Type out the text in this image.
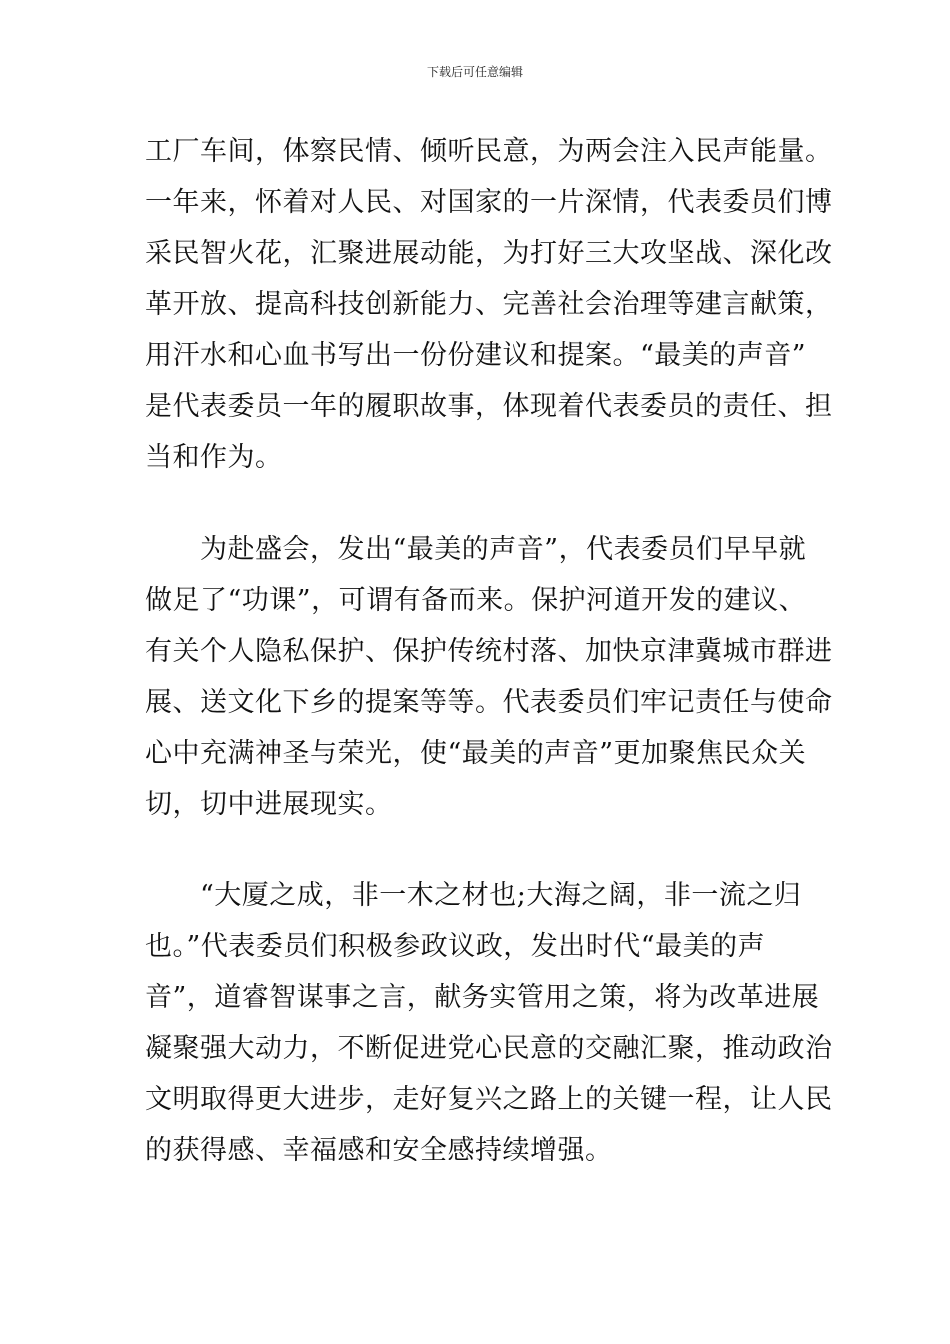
下载后可任意编辑
工厂车间，体察民情、倾听民意，为两会注入民声能量。
一年来，怀着对人民、对国家的一片深情，代表委员们博
采民智火花，汇聚进展动能，为打好三大攻坚战、深化改
革开放、提高科技创新能力、完善社会治理等建言献策，
用汗水和心血书写出一份份建议和提案。“最美的声音”
是代表委员一年的履职故事，体现着代表委员的责任、担
当和作为。
　　为赴盛会，发出“最美的声音”，代表委员们早早就
做足了“功课”，可谓有备而来。保护河道开发的建议、
有关个人隐私保护、保护传统村落、加快京津冀城市群进
展、送文化下乡的提案等等。代表委员们牢记责任与使命
心中充满神圣与荣光，使“最美的声音”更加聚焦民众关
切，切中进展现实。
　　“大厦之成，非一木之材也;大海之阔，非一流之归
也。”代表委员们积极参政议政，发出时代“最美的声
音”，道睿智谋事之言，献务实管用之策，将为改革进展
凝聚强大动力，不断促进党心民意的交融汇聚，推动政治
文明取得更大进步，走好复兴之路上的关键一程，让人民
的获得感、幸福感和安全感持续增强。
